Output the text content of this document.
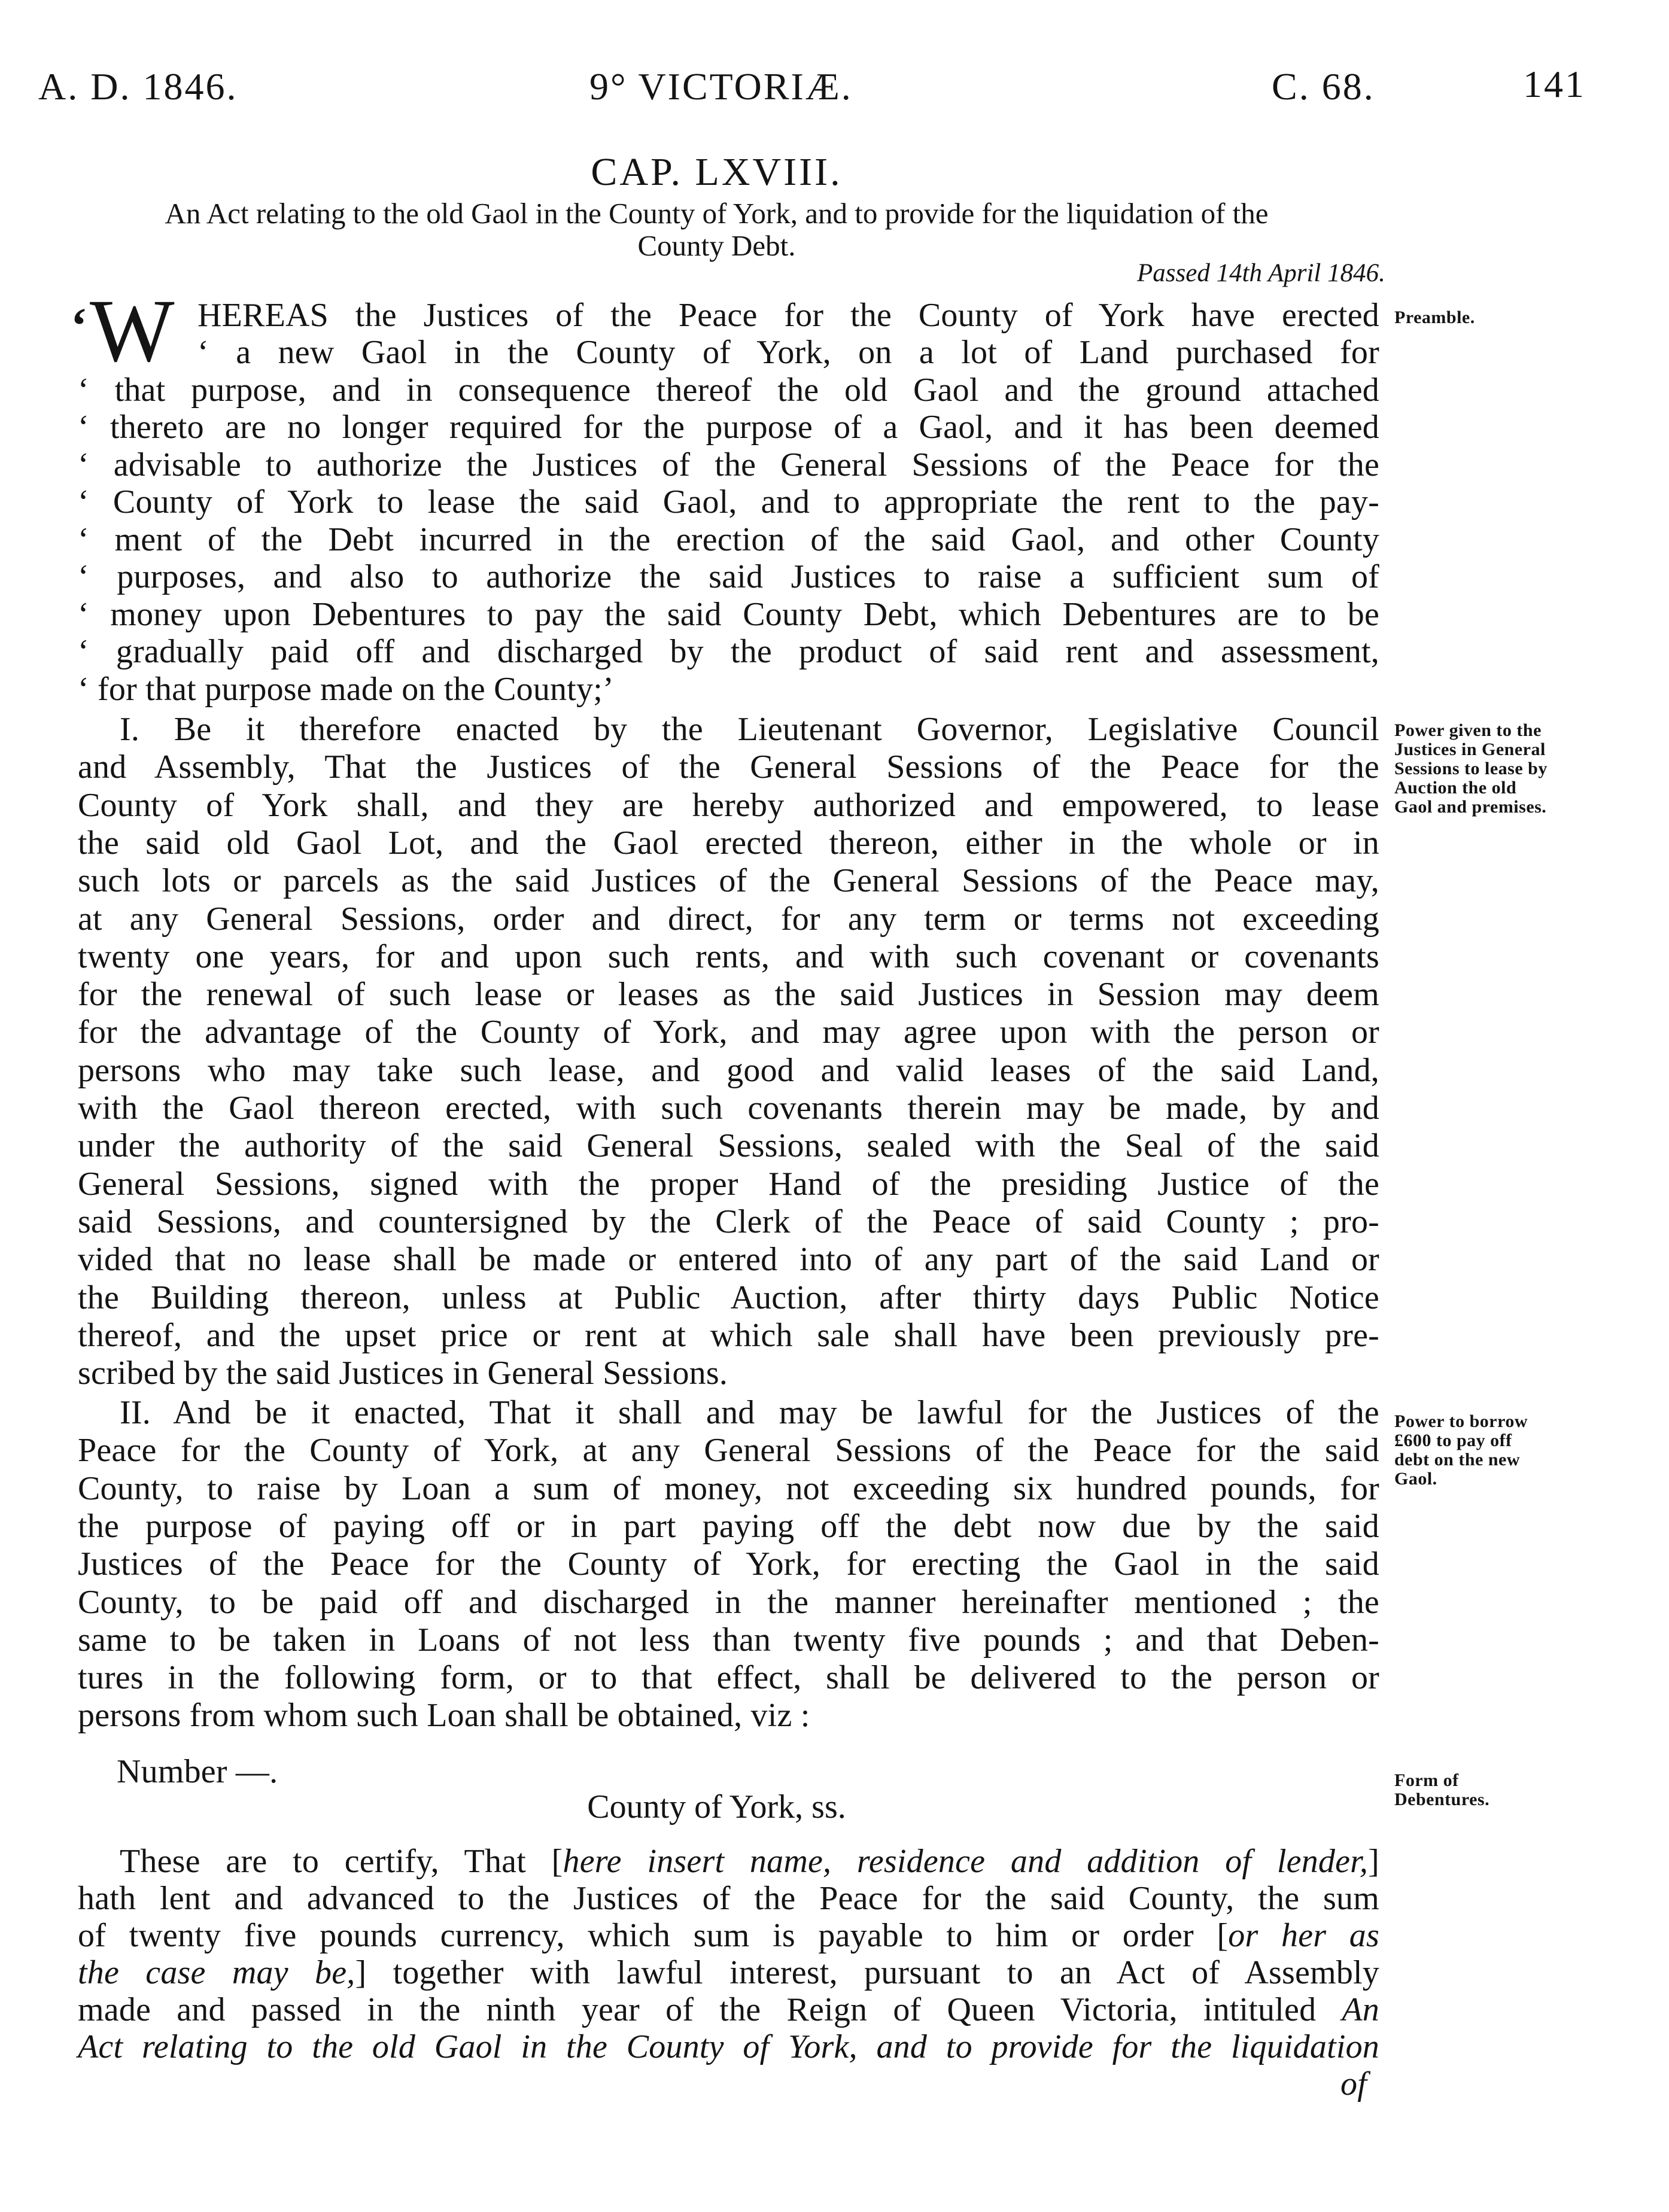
A. D. 1846.	9° VICTORIÆ.	C. 68.	141
CAP. LXVIII.
An Act relating to the old Gaol in the County of York, and to provide for the liquidation of the
County Debt.
Passed 14th April 1846.
‘ W HEREAS the Justices of the Peace for the County of York have erected
‘ a new Gaol in the County of York, on a lot of Land purchased for
‘ that purpose, and in consequence thereof the old Gaol and the ground attached
‘ thereto are no longer required for the purpose of a Gaol, and it has been deemed
‘ advisable to authorize the Justices of the General Sessions of the Peace for the
‘ County of York to lease the said Gaol, and to appropriate the rent to the pay-
‘ ment of the Debt incurred in the erection of the said Gaol, and other County
‘ purposes, and also to authorize the said Justices to raise a sufficient sum of
‘ money upon Debentures to pay the said County Debt, which Debentures are to be
‘ gradually paid off and discharged by the product of said rent and assessment,
‘ for that purpose made on the County;’
I. Be it therefore enacted by the Lieutenant Governor, Legislative Council
and Assembly, That the Justices of the General Sessions of the Peace for the
County of York shall, and they are hereby authorized and empowered, to lease
the said old Gaol Lot, and the Gaol erected thereon, either in the whole or in
such lots or parcels as the said Justices of the General Sessions of the Peace may,
at any General Sessions, order and direct, for any term or terms not exceeding
twenty one years, for and upon such rents, and with such covenant or covenants
for the renewal of such lease or leases as the said Justices in Session may deem
for the advantage of the County of York, and may agree upon with the person or
persons who may take such lease, and good and valid leases of the said Land,
with the Gaol thereon erected, with such covenants therein may be made, by and
under the authority of the said General Sessions, sealed with the Seal of the said
General Sessions, signed with the proper Hand of the presiding Justice of the
said Sessions, and countersigned by the Clerk of the Peace of said County ; pro-
vided that no lease shall be made or entered into of any part of the said Land or
the Building thereon, unless at Public Auction, after thirty days Public Notice
thereof, and the upset price or rent at which sale shall have been previously pre-
scribed by the said Justices in General Sessions.
II. And be it enacted, That it shall and may be lawful for the Justices of the
Peace for the County of York, at any General Sessions of the Peace for the said
County, to raise by Loan a sum of money, not exceeding six hundred pounds, for
the purpose of paying off or in part paying off the debt now due by the said
Justices of the Peace for the County of York, for erecting the Gaol in the said
County, to be paid off and discharged in the manner hereinafter mentioned ; the
same to be taken in Loans of not less than twenty five pounds ; and that Deben-
tures in the following form, or to that effect, shall be delivered to the person or
persons from whom such Loan shall be obtained, viz :
Number —.
County of York, ss.
These are to certify, That [here insert name, residence and addition of lender,]
hath lent and advanced to the Justices of the Peace for the said County, the sum
of twenty five pounds currency, which sum is payable to him or order [or her as
the case may be,] together with lawful interest, pursuant to an Act of Assembly
made and passed in the ninth year of the Reign of Queen Victoria, intituled An
Act relating to the old Gaol in the County of York, and to provide for the liquidation
of
Preamble.
Power given to the
Justices in General
Sessions to lease by
Auction the old
Gaol and premises.
Power to borrow
£600 to pay off
debt on the new
Gaol.
Form of
Debentures.
